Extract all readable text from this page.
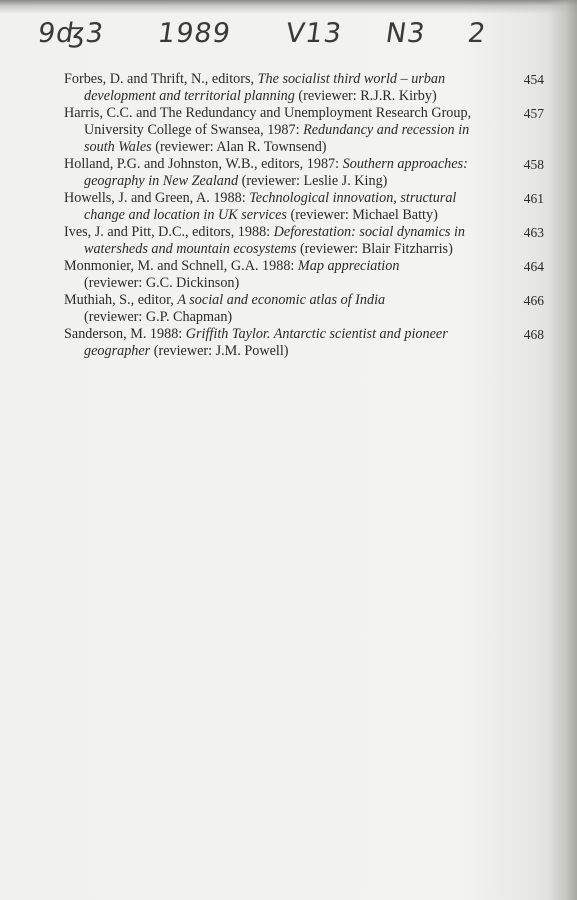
9ʤ3 1989 V13 N3 2
Forbes, D. and Thrift, N., editors, The socialist third world – urban development and territorial planning (reviewer: R.J.R. Kirby)
454
Harris, C.C. and The Redundancy and Unemployment Research Group, University College of Swansea, 1987: Redundancy and recession in south Wales (reviewer: Alan R. Townsend)
457
Holland, P.G. and Johnston, W.B., editors, 1987: Southern approaches: geography in New Zealand (reviewer: Leslie J. King)
458
Howells, J. and Green, A. 1988: Technological innovation, structural change and location in UK services (reviewer: Michael Batty)
461
Ives, J. and Pitt, D.C., editors, 1988: Deforestation: social dynamics in watersheds and mountain ecosystems (reviewer: Blair Fitzharris)
463
Monmonier, M. and Schnell, G.A. 1988: Map appreciation
(reviewer: G.C. Dickinson)
464
Muthiah, S., editor, A social and economic atlas of India
(reviewer: G.P. Chapman)
466
Sanderson, M. 1988: Griffith Taylor. Antarctic scientist and pioneer geographer (reviewer: J.M. Powell)
468
